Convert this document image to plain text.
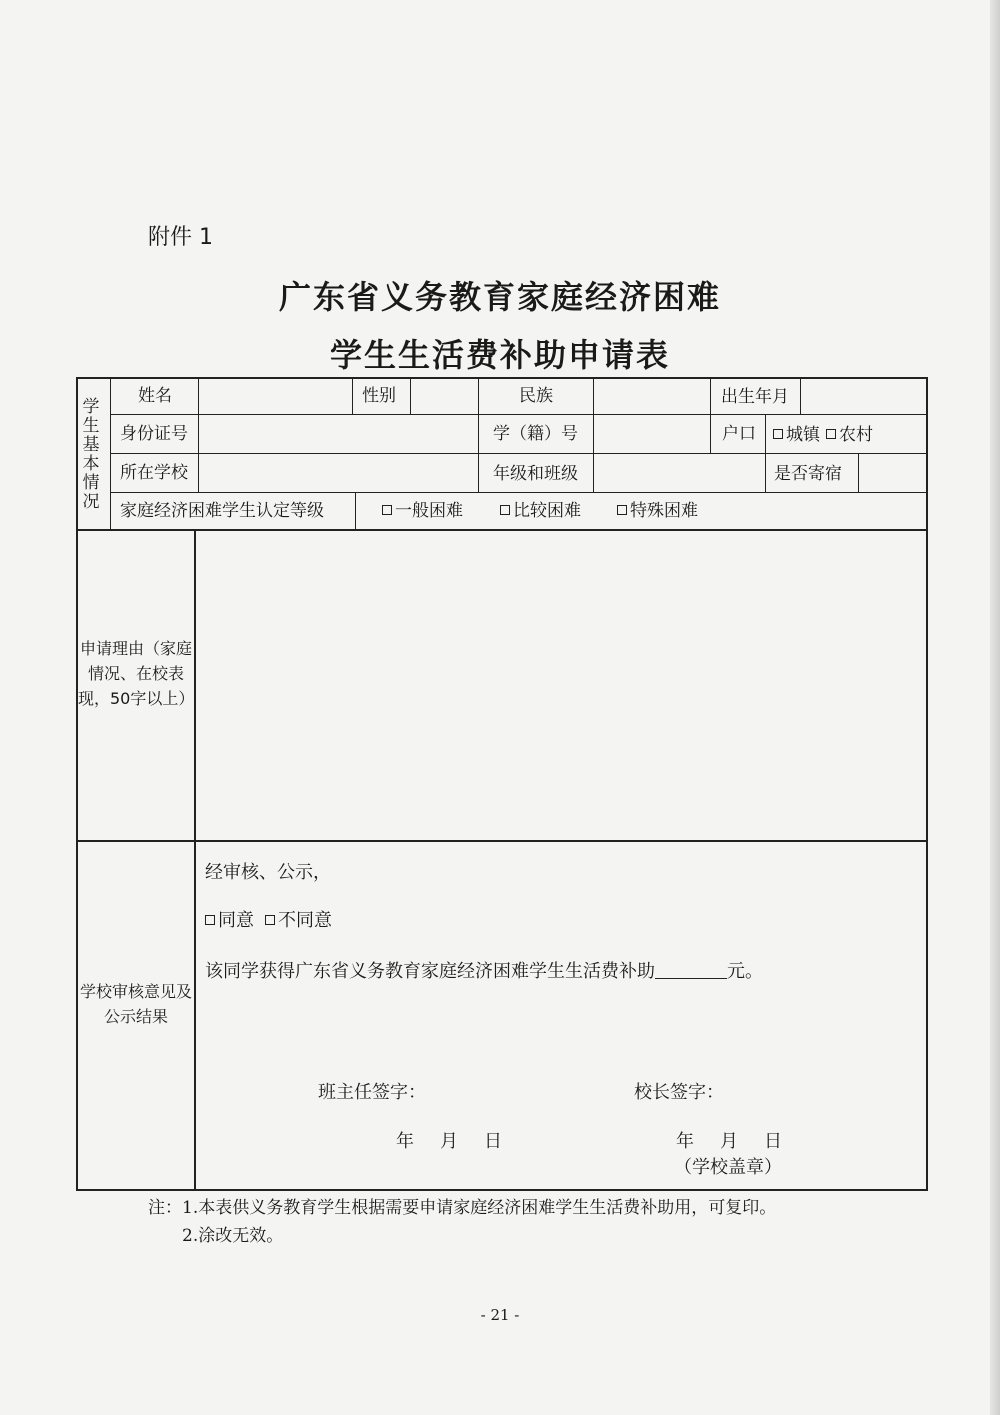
附件 1
广东省义务教育家庭经济困难
学生生活费补助申请表
学生基本情况
姓名	性别	民族	出生年月
身份证号	学（籍）号	户口	城镇	农村
所在学校	年级和班级	是否寄宿
家庭经济困难学生认定等级	一般困难	比较困难	特殊困难
申请理由（家庭情况、在校表现，50字以上）
学校审核意见及公示结果
经审核、公示，
同意	不同意
该同学获得广东省义务教育家庭经济困难学生生活费补助	元。
班主任签字：	校长签字：
年　月　日	年　月　日
（学校盖章）
注：1.本表供义务教育学生根据需要申请家庭经济困难学生生活费补助用，可复印。
2.涂改无效。
- 21 -
